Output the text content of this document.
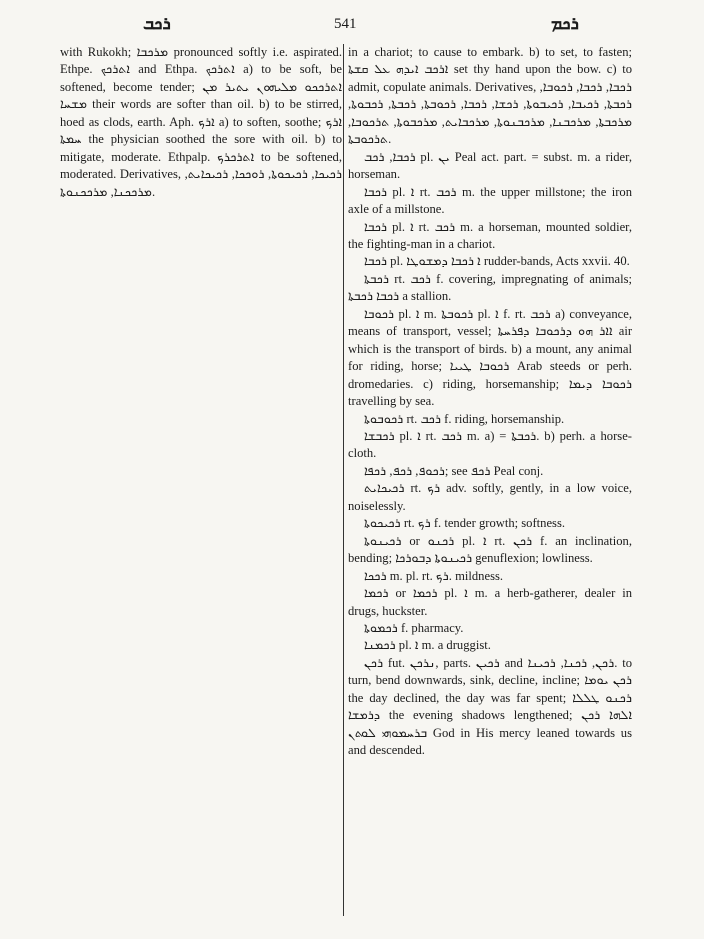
ܪܟܒ	541	ܪܟܡ

with Rukokh; ܡܪܟܒܐ pronounced softly i.e. aspirated. Ethpe. ܐܬܪܟܟ and Ethpa. ܐܬܪܟܟ a) to be soft, be softened, become tender; ܐܬܪܟܟܘ ܡܠܝܗܘܢ ܝܬܝܪ ܡܢ ܡܫܚܐ their words are softer than oil. b) to be stirred, hoed as clods, earth. Aph. ܐܪܟ a) to soften, soothe; ܐܪܟ ܚܡܬܐ the physician soothed the sore with oil. b) to mitigate, moderate. Ethpalp. ܐܬܪܟܪܟ to be softened, moderated. Derivatives, ܪܟܝܟܐ, ܪܟܝܟܘܬܐ, ܪܘܟܟܐ, ܪܟܝܟܐܝܬ, ܡܪܟܟܢܐ, ܡܪܟܟܢܘܬܐ.

in a chariot; to cause to embark. b) to set, to fasten; ܐܪܟܒ ܐܝܕܗ ܥܠ ܩܫܬܐ set thy hand upon the bow. c) to admit, copulate animals. Derivatives, ܪܟܒܐ, ܪܟܒܐ, ܪܟܘܒܐ, ܪܟܒܬܐ, ܪܟܝܒܐ, ܪܟܝܒܘܬܐ, ܪܟܫܐ, ܪܟܒܐ, ܪܟܘܒܬܐ, ܪܟܒܬܐ, ܪܟܒܘܬܐ, ܡܪܟܒܬܐ, ܡܪܟܒܢܐ, ܡܪܟܒܢܘܬܐ, ܡܪܟܒܐܝܬ, ܡܪܟܒܘܬܐ, ܬܪܟܘܒܐ, ܬܪܟܘܒܬܐ.

ܪܟܒܐ, ܪܟܒ pl. ܝܢ Peal act. part. = subst. m. a rider, horseman.

ܪܟܒܐ pl. ܐ rt. ܪܟܒ m. the upper millstone; the iron axle of a millstone.

ܪܟܒܐ pl. ܐ rt. ܪܟܒ m. a horseman, mounted soldier, the fighting-man in a chariot.

ܪܟܒܐ pl. ܐ ܪܟܒܐ ܕܡܫܘܛܐ rudder-bands, Acts xxvii. 40.

ܪܟܒܬܐ rt. ܪܟܒ f. covering, impregnating of animals; ܪܟܒܐ ܪܟܒܬܐ a stallion.

ܪܟܘܒܐ pl. ܐ m. ܪܟܘܒܬܐ pl. ܐ f. rt. ܪܟܒ a) conveyance, means of transport, vessel; ܐܐܪ ܗܘ ܕܪܟܘܒܐ ܕܦܪܚܬܐ air which is the transport of birds. b) a mount, any animal for riding, horse; ܪܟܘܒܐ ܛܝܝܐ Arab steeds or perh. dromedaries. c) riding, horsemanship; ܪܟܘܒܐ ܕܝܡܐ travelling by sea.

ܪܟܘܒܘܬܐ rt. ܪܟܒ f. riding, horsemanship.

ܪܟܒܫܐ pl. ܐ rt. ܪܟܒ m. a) = ܪܟܒܬܐ. b) perh. a horse-cloth.

ܪܟܘܦ, ܪܟܦ, ܪܟܦܐ; see ܪܟܦ Peal conj.

ܪܟܝܟܐܝܬ rt. ܪܟ adv. softly, gently, in a low voice, noiselessly.

ܪܟܝܟܘܬܐ rt. ܪܟ f. tender growth; softness.

ܪܟܝܢܘܬܐ or ܪܟܢܘ pl. ܐ rt. ܪܟܢ f. an inclination, bending; ܪܟܝܢܘܬܐ ܕܒܘܪܟܐ genuflexion; lowliness.

ܪܟܟܐ m. pl. rt. ܪܟ. mildness.

ܪܟܡܐ or ܪܟܡܐ pl. ܐ m. a herb-gatherer, dealer in drugs, huckster.

ܪܟܡܘܬܐ f. pharmacy.

ܪܟܡܢܐ pl. ܐ m. a druggist.

ܪܟܢ fut. ܢܪܟܢ, parts. ܪܟܝܢ and ܪܟܢ, ܪܟܢܐ, ܪܟܝܢܐ. to turn, bend downwards, sink, decline, incline; ܪܟܢ ܝܘܡܐ the day declined, the day was far spent; ܪܟܢܘ ܛܠܠܐ ܕܪܡܫܐ the evening shadows lengthened; ܐܠܗܐ ܪܟܢ ܒܪܚܡܘܗܝ ܠܘܬܢ God in His mercy leaned towards us and descended.
